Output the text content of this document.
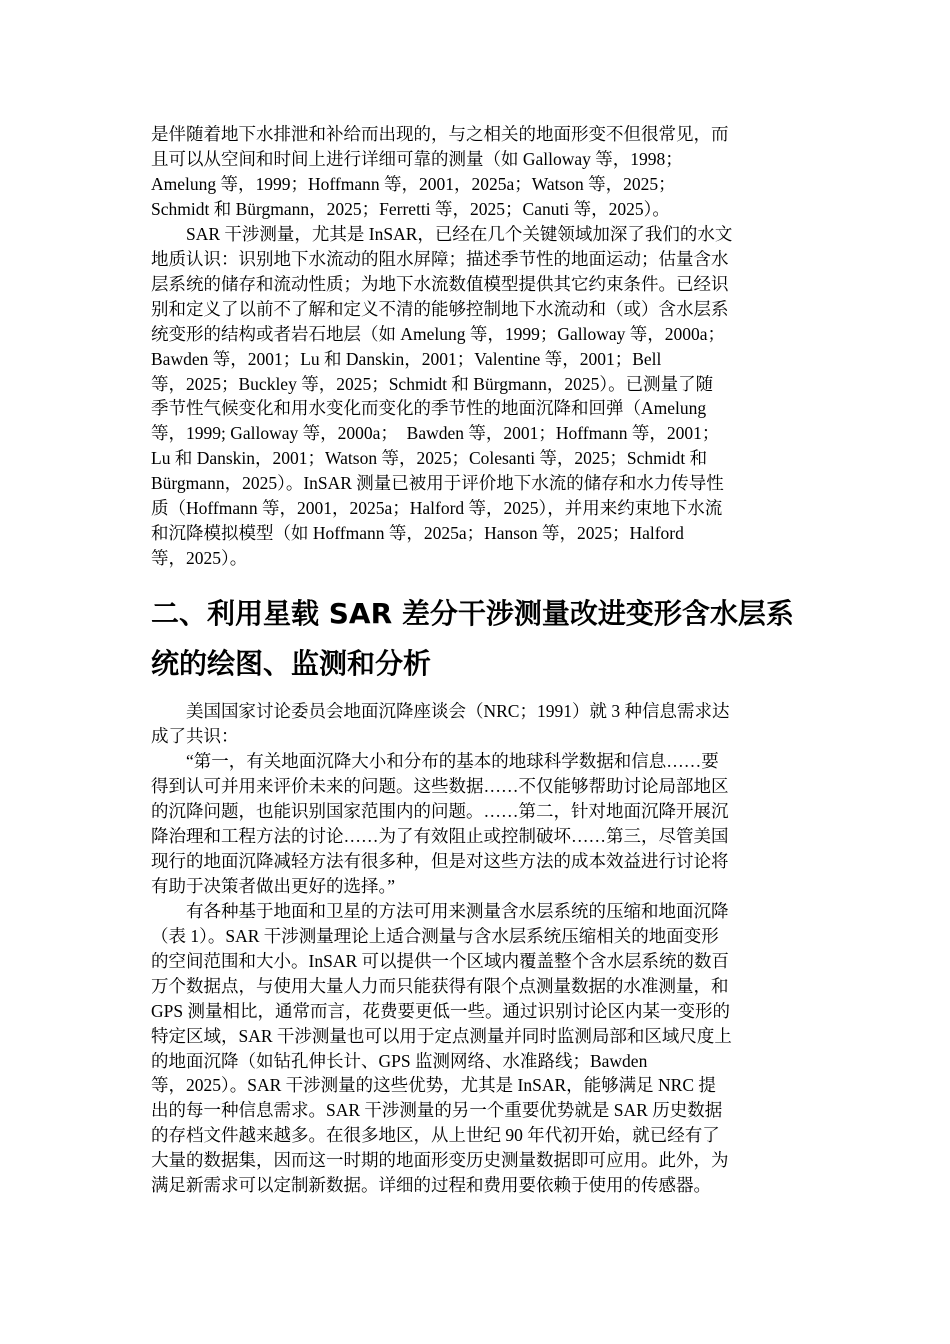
是伴随着地下水排泄和补给而出现的，与之相关的地面形变不但很常见，而
且可以从空间和时间上进行详细可靠的测量（如 Galloway 等，1998；
Amelung 等，1999；Hoffmann 等，2001，2025a；Watson 等，2025；
Schmidt 和 Bürgmann，2025；Ferretti 等，2025；Canuti 等，2025）。
　　SAR 干涉测量，尤其是 InSAR，已经在几个关键领域加深了我们的水文
地质认识：识别地下水流动的阻水屏障；描述季节性的地面运动；估量含水
层系统的储存和流动性质；为地下水流数值模型提供其它约束条件。已经识
别和定义了以前不了解和定义不清的能够控制地下水流动和（或）含水层系
统变形的结构或者岩石地层（如 Amelung 等，1999；Galloway 等，2000a；
Bawden 等，2001；Lu 和 Danskin，2001；Valentine 等，2001；Bell
等，2025；Buckley 等，2025；Schmidt 和 Bürgmann，2025）。已测量了随
季节性气候变化和用水变化而变化的季节性的地面沉降和回弹（Amelung
等，1999; Galloway 等，2000a；  Bawden 等，2001；Hoffmann 等，2001；
Lu 和 Danskin，2001；Watson 等，2025；Colesanti 等，2025；Schmidt 和
Bürgmann，2025）。InSAR 测量已被用于评价地下水流的储存和水力传导性
质（Hoffmann 等，2001，2025a；Halford 等，2025），并用来约束地下水流
和沉降模拟模型（如 Hoffmann 等，2025a；Hanson 等，2025；Halford
等，2025）。
二、利用星载 SAR 差分干涉测量改进变形含水层系
统的绘图、监测和分析
　　美国国家讨论委员会地面沉降座谈会（NRC；1991）就 3 种信息需求达
成了共识：
　　“第一，有关地面沉降大小和分布的基本的地球科学数据和信息……要
得到认可并用来评价未来的问题。这些数据……不仅能够帮助讨论局部地区
的沉降问题，也能识别国家范围内的问题。……第二，针对地面沉降开展沉
降治理和工程方法的讨论……为了有效阻止或控制破坏……第三，尽管美国
现行的地面沉降减轻方法有很多种，但是对这些方法的成本效益进行讨论将
有助于决策者做出更好的选择。”
　　有各种基于地面和卫星的方法可用来测量含水层系统的压缩和地面沉降
（表 1）。SAR 干涉测量理论上适合测量与含水层系统压缩相关的地面变形
的空间范围和大小。InSAR 可以提供一个区域内覆盖整个含水层系统的数百
万个数据点，与使用大量人力而只能获得有限个点测量数据的水准测量，和
GPS 测量相比，通常而言，花费要更低一些。通过识别讨论区内某一变形的
特定区域，SAR 干涉测量也可以用于定点测量并同时监测局部和区域尺度上
的地面沉降（如钻孔伸长计、GPS 监测网络、水准路线；Bawden
等，2025）。SAR 干涉测量的这些优势，尤其是 InSAR，能够满足 NRC 提
出的每一种信息需求。SAR 干涉测量的另一个重要优势就是 SAR 历史数据
的存档文件越来越多。在很多地区，从上世纪 90 年代初开始，就已经有了
大量的数据集，因而这一时期的地面形变历史测量数据即可应用。此外，为
满足新需求可以定制新数据。详细的过程和费用要依赖于使用的传感器。
